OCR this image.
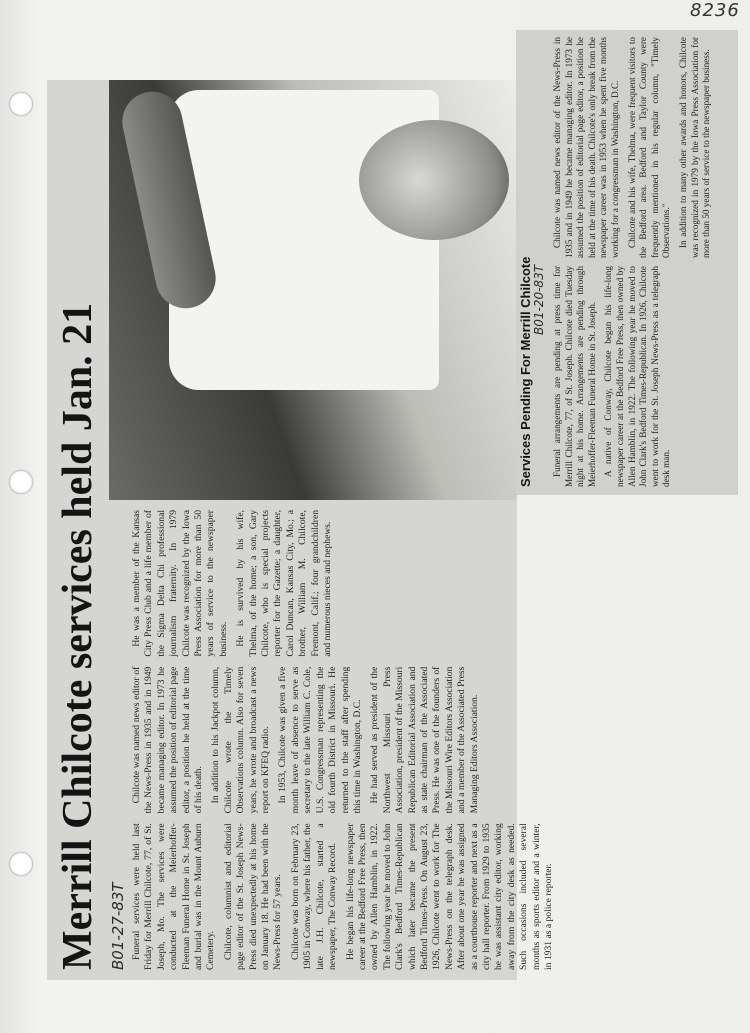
8236
Merrill Chilcote services held Jan. 21 B01-27-83T Funeral services were held last Friday for Merrill Chilcote, 77, of St. Joseph, Mo. The services were conducted at the Meierhoffer-Fleeman Funeral Home in St. Joseph and burial was in the Mount Auburn Cemetery. Chilcote, columnist and editorial page editor of the St. Joseph News-Press died unexpectedly at his home on January 18. He had been with the News-Press for 57 years. Chilcote was born on February 23, 1905 in Conway, where his father, the late J.H. Chilcote, started a newspaper, The Conway Record. He began his life-long newspaper career at the Bedford Free Press, then owned by Allen Hamblin, in 1922. The following year he moved to John Clark's Bedford Times-Republican which later became the present Bedford Times-Press. On August 23, 1926, Chilcote went to work for The News-Press on the telegraph desk. After about one year he was assigned as a courthouse reporter and next as a city hall reporter. From 1929 to 1935 he was assistant city editor, working away from the city desk as needed. Such occasions included several months as sports editor and a winter, in 1931 as a police reporter.

Chilcote was named news editor of the News-Press in 1935 and in 1949 became managing editor. In 1973 he assumed the position of editorial page editor, a position he held at the time of his death. In addition to his Jackpot column, Chilcote wrote the Timely Observations column. Also for seven years, he wrote and broadcast a news report on KFEQ radio. In 1953, Chilcote was given a five month leave of absence to serve as secretary to the late William C. Cole, U.S. Congressman representing the old fourth District in Missouri. He returned to the staff after spending this time in Washington, D.C. He had served as president of the Northwest Missouri Press Association, president of the Missouri Republican Editorial Association and as state chairman of the Associated Press. He was one of the founders of the Missouri Wire Editors Association and a member of the Associated Press Managing Editors Association.

He was a member of the Kansas City Press Club and a life member of the Sigma Delta Chi professional journalism fraternity. In 1979 Chilcote was recognized by the Iowa Press Association for more than 50 years of service to the newspaper business. He is survived by his wife, Thelma, of the home; a son, Gary Chilcote, who is special projects reporter for the Gazette; a daughter, Carol Duncan, Kansas City, Mo.; a brother, William M. Chilcote, Fremont, Calif.; four grandchildren and numerous nieces and nephews.

Services Pending For Merrill Chilcote B01-20-83T Funeral arrangements are pending at press time for Merrill Chilcote, 77, of St. Joseph. Chilcote died Tuesday night at his home. Arrangements are pending through Meierhoffer-Fleeman Funeral Home in St. Joseph. A native of Conway, Chilcote began his life-long newspaper career at the Bedford Free Press, then owned by Allen Hamblin, in 1922. The following year he moved to John Clark's Bedford Times-Republican. In 1926, Chilcote went to work for the St. Joseph News-Press as a telegraph desk man.

Chilcote was named news editor of the News-Press in 1935 and in 1949 he became managing editor. In 1973 he assumed the position of editorial page editor, a position he held at the time of his death. Chilcote's only break from the newspaper career was in 1953 when he spent five months working for a congressman in Washington, D.C. Chilcote and his wife, Thelma, were frequent visitors to the Bedford area. Bedford and Taylor County were frequently mentioned in his regular column, "Timely Observations." In addition to many other awards and honors, Chilcote was recognized in 1979 by the Iowa Press Association for more than 50 years of service to the newspaper business.
